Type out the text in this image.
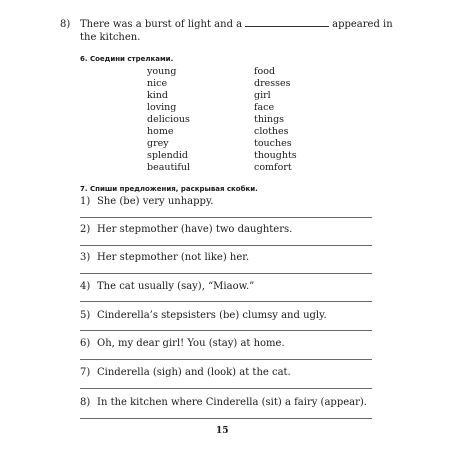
8) There was a burst of light and a	appeared in
the kitchen.
6. Соедини стрелками.
young
nice
kind
loving
delicious
home
grey
splendid
beautiful
food
dresses
girl
face
things
clothes
touches
thoughts
comfort
7. Спиши предложения, раскрывая скобки.
1) She (be) very unhappy.
2) Her stepmother (have) two daughters.
3) Her stepmother (not like) her.
4) The cat usually (say), “Miaow.”
5) Cinderella’s stepsisters (be) clumsy and ugly.
6) Oh, my dear girl! You (stay) at home.
7) Cinderella (sigh) and (look) at the cat.
8) In the kitchen where Cinderella (sit) a fairy (appear).
15
